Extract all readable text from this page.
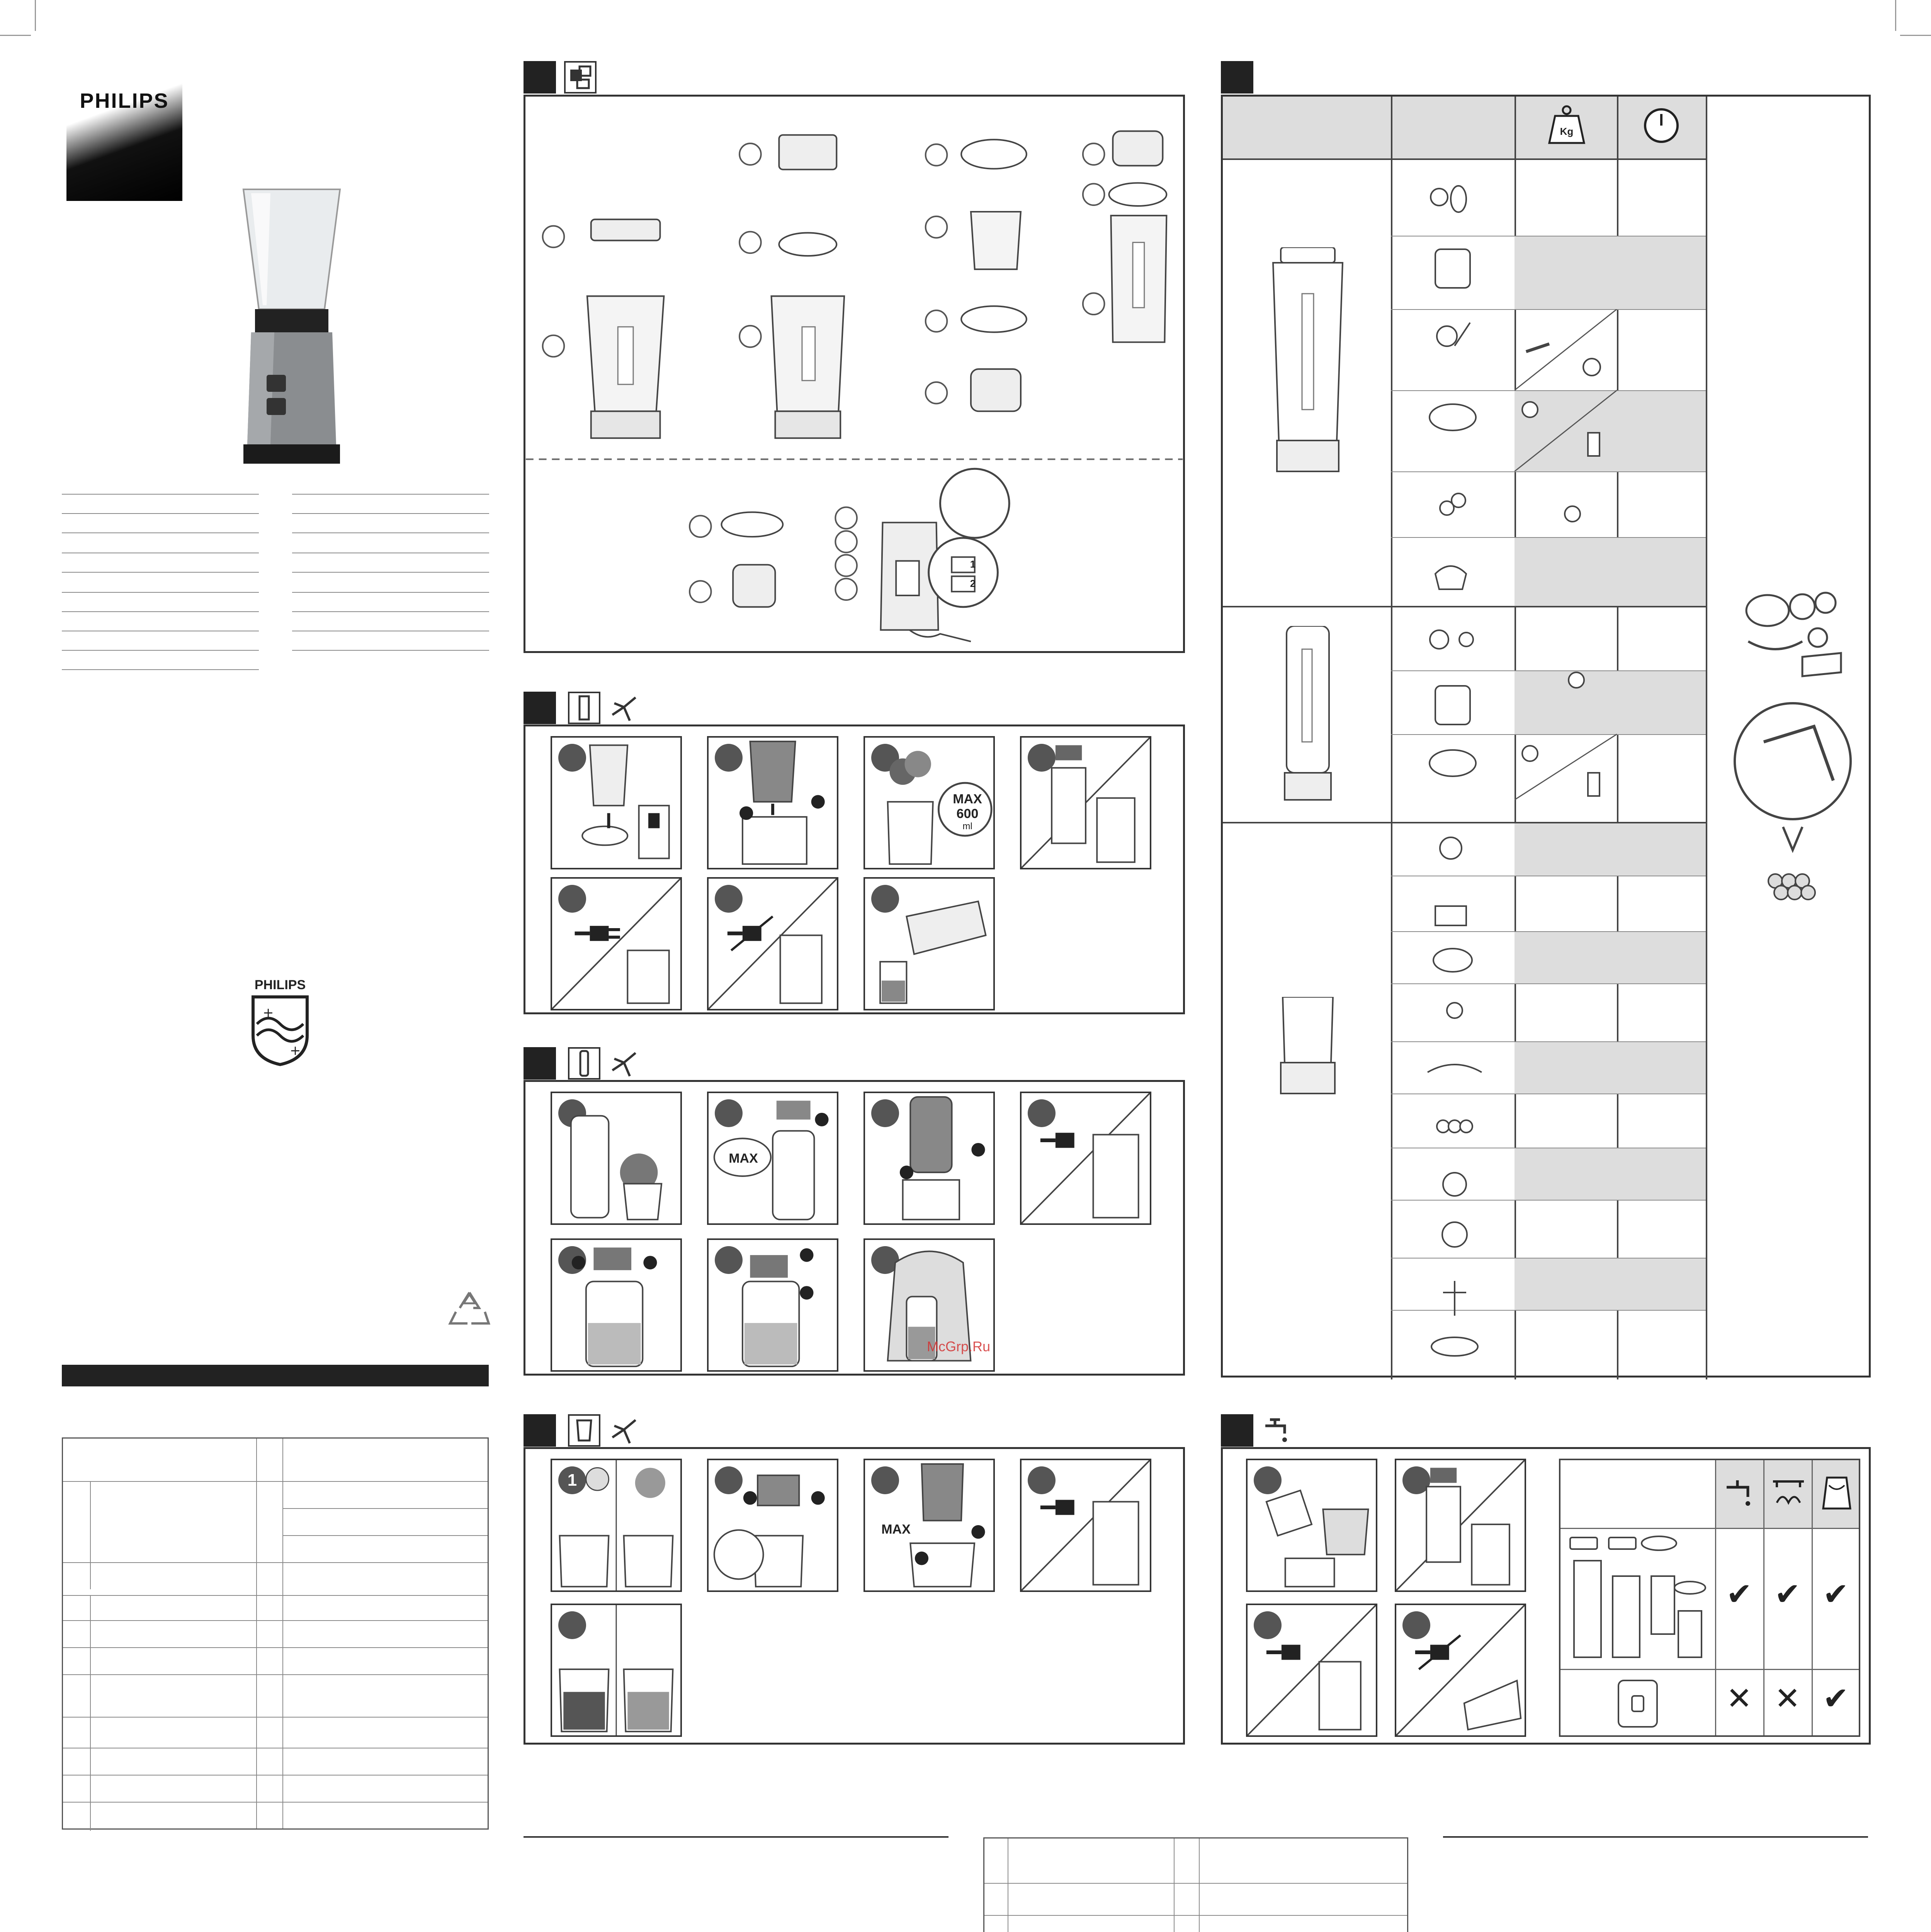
PHILIPS
PHILIPS
+
+
1
2
MAX
600
ml
MAX
McGrp.Ru
1
MAX
Kg
✔ ✔ ✔
✕ ✕ ✔
